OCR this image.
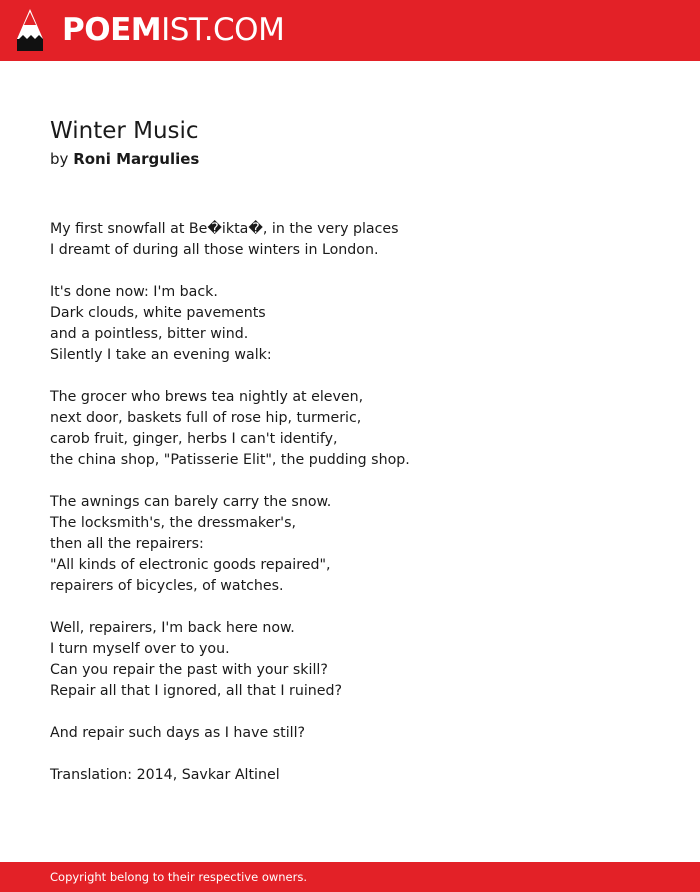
POEMIST.COM
Winter Music

by Roni Margulies

My first snowfall at Be�ikta�, in the very places
I dreamt of during all those winters in London.

It's done now: I'm back.
Dark clouds, white pavements
and a pointless, bitter wind.
Silently I take an evening walk:

The grocer who brews tea nightly at eleven,
next door, baskets full of rose hip, turmeric,
carob fruit, ginger, herbs I can't identify,
the china shop, "Patisserie Elit", the pudding shop.

The awnings can barely carry the snow.
The locksmith's, the dressmaker's,
then all the repairers:
"All kinds of electronic goods repaired",
repairers of bicycles, of watches.

Well, repairers, I'm back here now.
I turn myself over to you.
Can you repair the past with your skill?
Repair all that I ignored, all that I ruined?

And repair such days as I have still?

Translation: 2014, Savkar Altinel

Copyright belong to their respective owners.
